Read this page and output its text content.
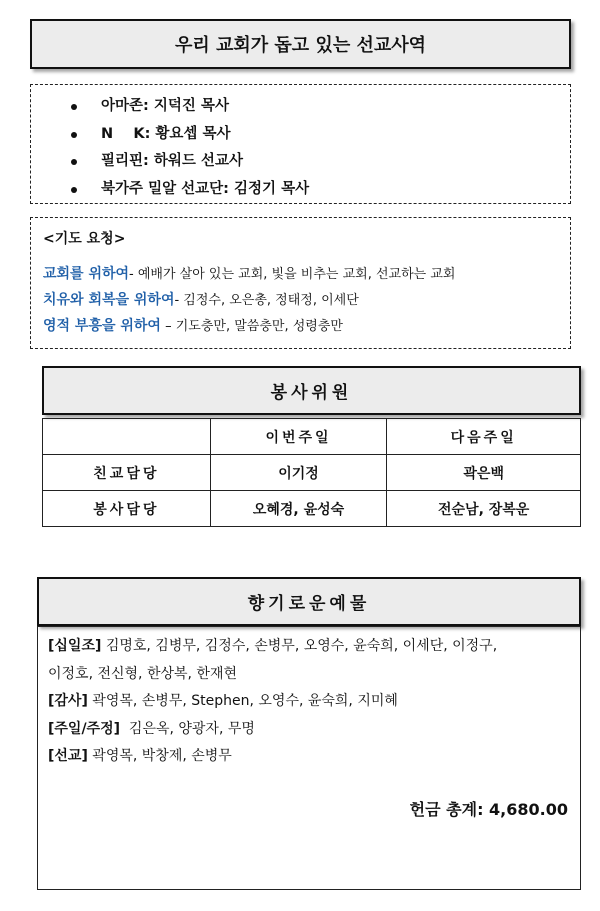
우리 교회가 돕고 있는 선교사역
아마존: 지덕진 목사
N    K: 황요셉 목사
필리핀: 하워드 선교사
북가주 밀알 선교단: 김정기 목사
<기도 요청>
교회를 위하여- 예배가 살아 있는 교회, 빛을 비추는 교회, 선교하는 교회
치유와 회복을 위하여- 김정수, 오은총, 정태정, 이세단
영적 부흥을 위하여 – 기도충만, 말씀충만, 성령충만
봉사위원
	이번주일	다음주일
친교담당	이기정	곽은백
봉사담당	오혜경, 윤성숙	전순남, 장복운
향기로운예물
[십일조] 김명호, 김병무, 김정수, 손병무, 오영수, 윤숙희, 이세단, 이정구,
이정호, 전신형, 한상복, 한재현
[감사] 곽영목, 손병무, Stephen, 오영수, 윤숙희, 지미혜
[주일/주정]  김은옥, 양광자, 무명
[선교] 곽영목, 박창제, 손병무
헌금 총계: 4,680.00
